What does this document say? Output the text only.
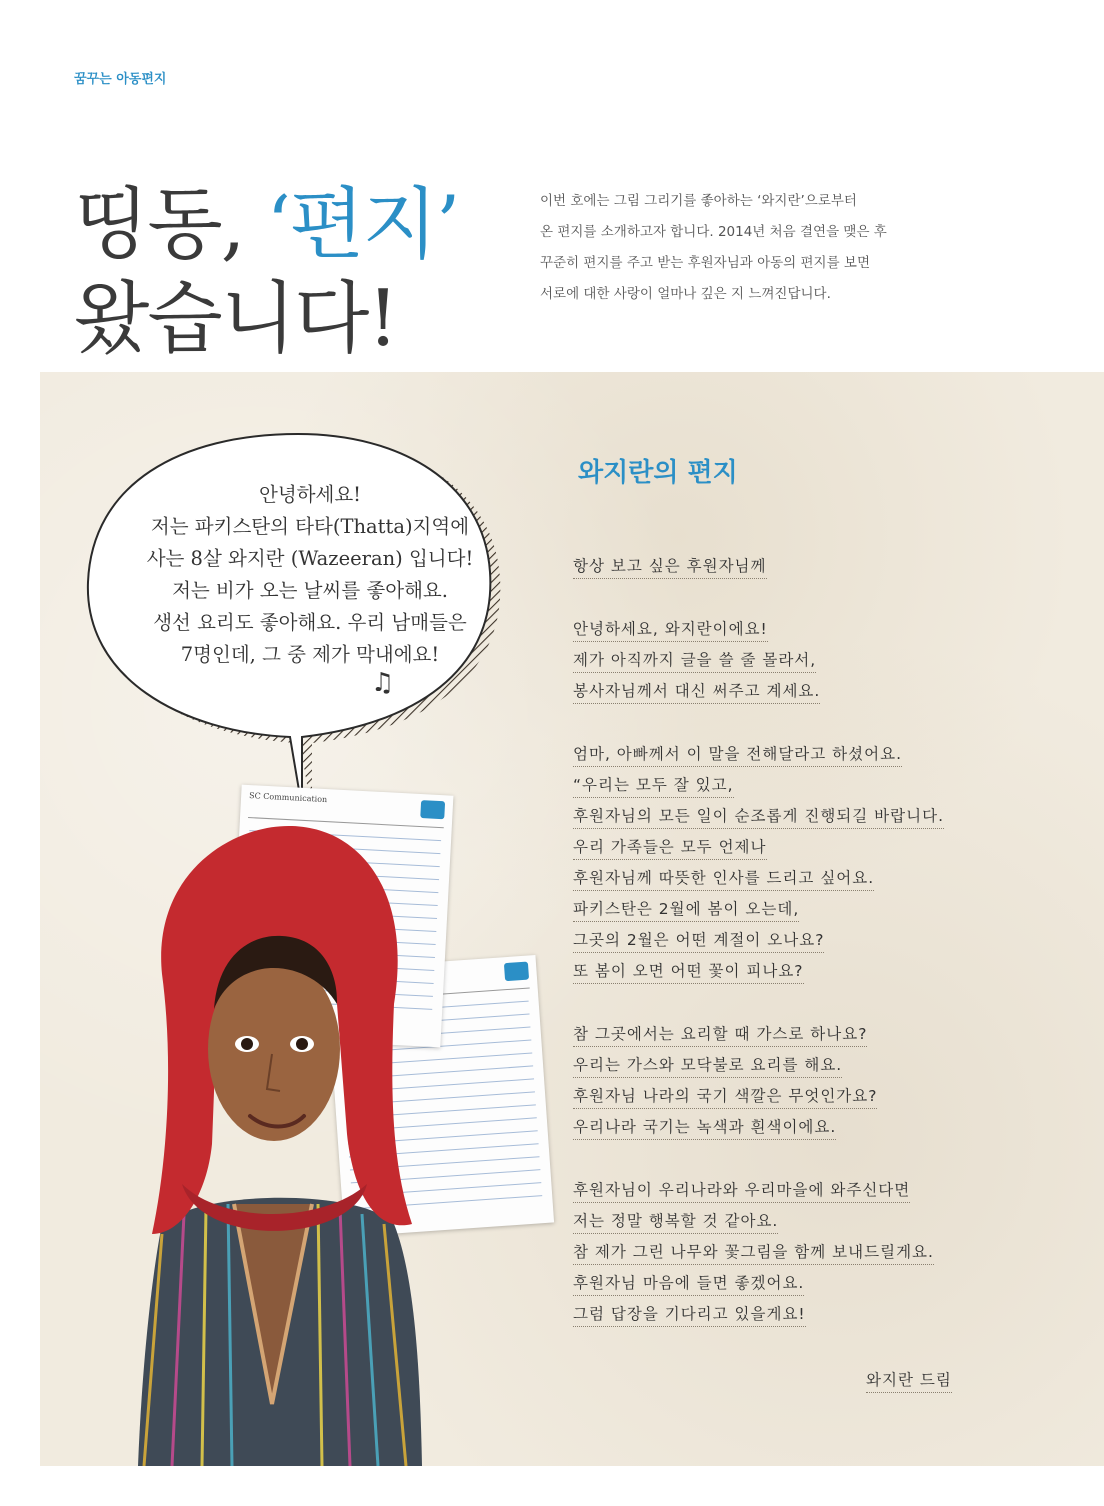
꿈꾸는 아동편지
띵동, ‘편지’
왔습니다!
이번 호에는 그림 그리기를 좋아하는 ‘와지란’으로부터
온 편지를 소개하고자 합니다. 2014년 처음 결연을 맺은 후
꾸준히 편지를 주고 받는 후원자님과 아동의 편지를 보면
서로에 대한 사랑이 얼마나 깊은 지 느껴진답니다.
안녕하세요!
저는 파키스탄의 타타(Thatta)지역에
사는 8살 와지란 (Wazeeran) 입니다!
저는 비가 오는 날씨를 좋아해요.
생선 요리도 좋아해요. 우리 남매들은
7명인데, 그 중 제가 막내에요!
♫
SC Communication
와지란의 편지
항상 보고 싶은 후원자님께
안녕하세요, 와지란이에요!
제가 아직까지 글을 쓸 줄 몰라서,
봉사자님께서 대신 써주고 계세요.
엄마, 아빠께서 이 말을 전해달라고 하셨어요.
“우리는 모두 잘 있고,
후원자님의 모든 일이 순조롭게 진행되길 바랍니다.
우리 가족들은 모두 언제나
후원자님께 따뜻한 인사를 드리고 싶어요.
파키스탄은 2월에 봄이 오는데,
그곳의 2월은 어떤 계절이 오나요?
또 봄이 오면 어떤 꽃이 피나요?
참 그곳에서는 요리할 때 가스로 하나요?
우리는 가스와 모닥불로 요리를 해요.
후원자님 나라의 국기 색깔은 무엇인가요?
우리나라 국기는 녹색과 흰색이에요.
후원자님이 우리나라와 우리마을에 와주신다면
저는 정말 행복할 것 같아요.
참 제가 그린 나무와 꽃그림을 함께 보내드릴게요.
후원자님 마음에 들면 좋겠어요.
그럼 답장을 기다리고 있을게요!
와지란 드림
